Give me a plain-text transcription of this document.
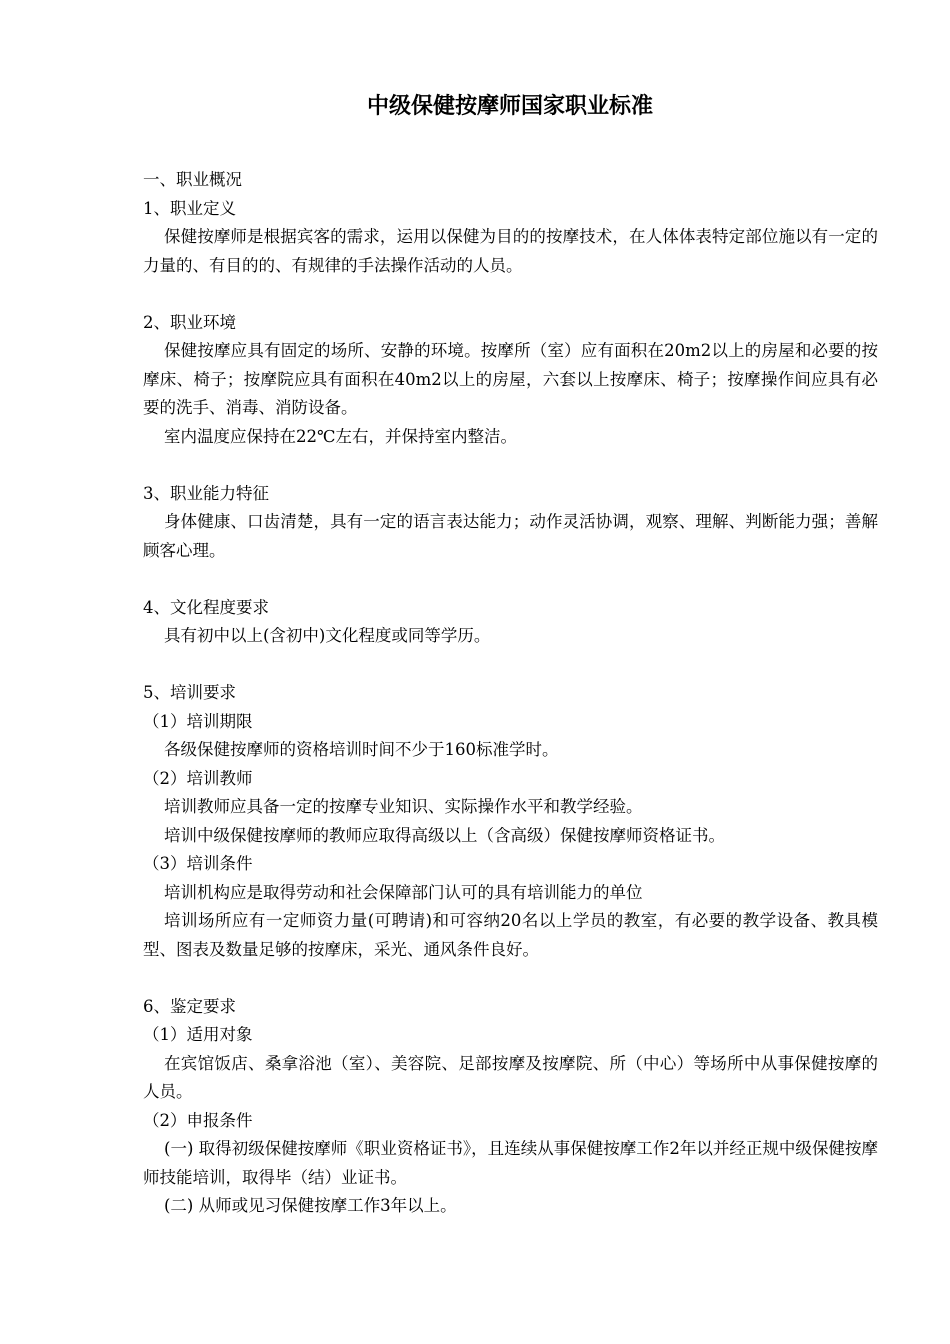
中级保健按摩师国家职业标准

一、职业概况

1、职业定义

保健按摩师是根据宾客的需求，运用以保健为目的的按摩技术，在人体体表特定部位施以有一定的力量的、有目的的、有规律的手法操作活动的人员。

2、职业环境

保健按摩应具有固定的场所、安静的环境。按摩所（室）应有面积在20m2以上的房屋和必要的按摩床、椅子；按摩院应具有面积在40m2以上的房屋，六套以上按摩床、椅子；按摩操作间应具有必要的洗手、消毒、消防设备。

室内温度应保持在22℃左右，并保持室内整洁。

3、职业能力特征

身体健康、口齿清楚，具有一定的语言表达能力；动作灵活协调，观察、理解、判断能力强；善解顾客心理。

4、文化程度要求

具有初中以上(含初中)文化程度或同等学历。

5、培训要求

（1）培训期限

各级保健按摩师的资格培训时间不少于160标准学时。

（2）培训教师

培训教师应具备一定的按摩专业知识、实际操作水平和教学经验。

培训中级保健按摩师的教师应取得高级以上（含高级）保健按摩师资格证书。

（3）培训条件

培训机构应是取得劳动和社会保障部门认可的具有培训能力的单位

培训场所应有一定师资力量(可聘请)和可容纳20名以上学员的教室，有必要的教学设备、教具模型、图表及数量足够的按摩床，采光、通风条件良好。

6、鉴定要求

（1）适用对象

在宾馆饭店、桑拿浴池（室）、美容院、足部按摩及按摩院、所（中心）等场所中从事保健按摩的人员。

（2）申报条件

(一) 取得初级保健按摩师《职业资格证书》，且连续从事保健按摩工作2年以并经正规中级保健按摩师技能培训，取得毕（结）业证书。

(二) 从师或见习保健按摩工作3年以上。
